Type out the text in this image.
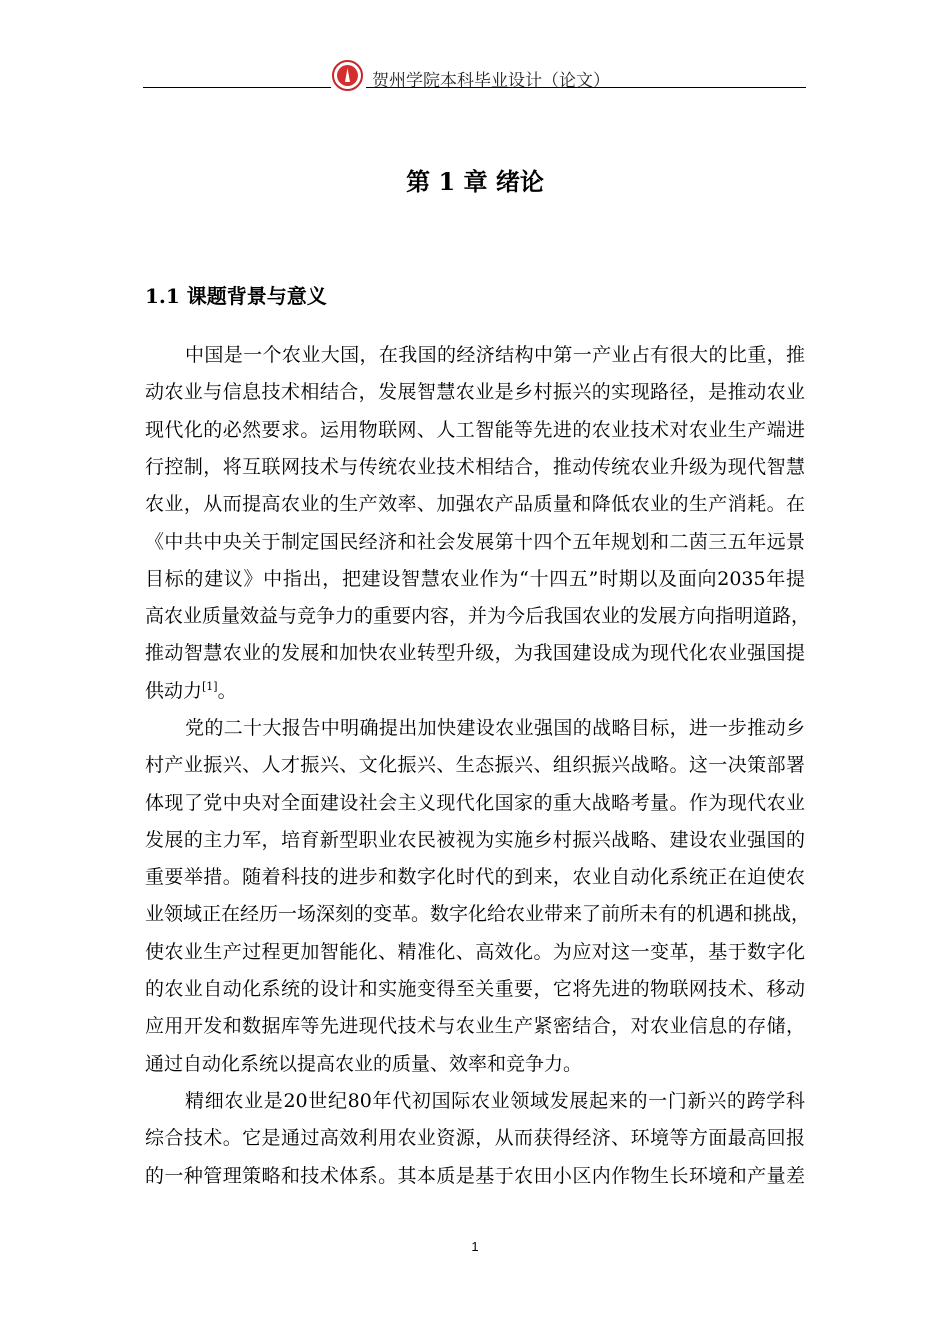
贺州学院本科毕业设计（论文）
第 1 章 绪论
1.1 课题背景与意义
中国是一个农业大国，在我国的经济结构中第一产业占有很大的比重，推
动农业与信息技术相结合，发展智慧农业是乡村振兴的实现路径，是推动农业
现代化的必然要求。运用物联网、人工智能等先进的农业技术对农业生产端进
行控制，将互联网技术与传统农业技术相结合，推动传统农业升级为现代智慧
农业，从而提高农业的生产效率、加强农产品质量和降低农业的生产消耗。在
《中共中央关于制定国民经济和社会发展第十四个五年规划和二茵三五年远景
目标的建议》中指出，把建设智慧农业作为“十四五”时期以及面向2035年提
高农业质量效益与竞争力的重要内容，并为今后我国农业的发展方向指明道路，
推动智慧农业的发展和加快农业转型升级，为我国建设成为现代化农业强国提
供动力[1]。
党的二十大报告中明确提出加快建设农业强国的战略目标，进一步推动乡
村产业振兴、人才振兴、文化振兴、生态振兴、组织振兴战略。这一决策部署
体现了党中央对全面建设社会主义现代化国家的重大战略考量。作为现代农业
发展的主力军，培育新型职业农民被视为实施乡村振兴战略、建设农业强国的
重要举措。随着科技的进步和数字化时代的到来，农业自动化系统正在迫使农
业领域正在经历一场深刻的变革。数字化给农业带来了前所未有的机遇和挑战，
使农业生产过程更加智能化、精准化、高效化。为应对这一变革，基于数字化
的农业自动化系统的设计和实施变得至关重要，它将先进的物联网技术、移动
应用开发和数据库等先进现代技术与农业生产紧密结合，对农业信息的存储，
通过自动化系统以提高农业的质量、效率和竞争力。
精细农业是20世纪80年代初国际农业领域发展起来的一门新兴的跨学科
综合技术。它是通过高效利用农业资源，从而获得经济、环境等方面最高回报
的一种管理策略和技术体系。其本质是基于农田小区内作物生长环境和产量差
1
